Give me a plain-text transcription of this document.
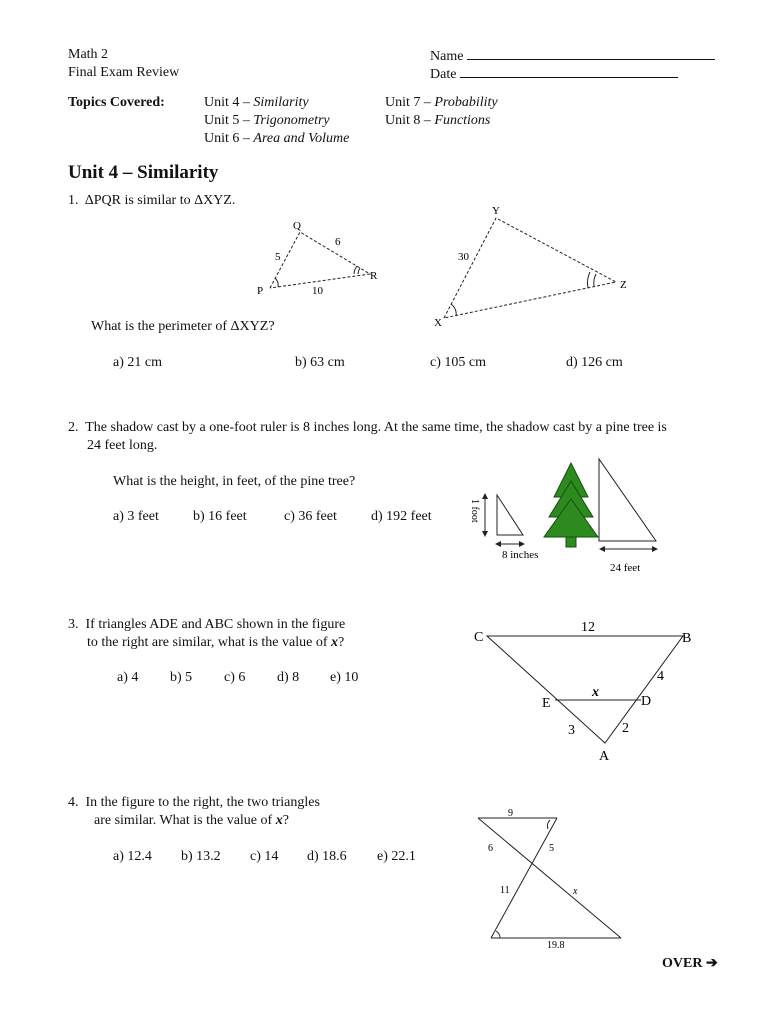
Math 2
Final Exam Review
Name
Date
Topics Covered:	Unit 4 – Similarity
Unit 5 – Trigonometry
Unit 6 – Area and Volume
Unit 7 – Probability
Unit 8 – Functions
Unit 4 – Similarity
1. ΔPQR is similar to ΔXYZ.
P
Q
R
5
6
10
X
Y
Z
30
What is the perimeter of ΔXYZ?
a) 21 cm	b) 63 cm	c) 105 cm	d) 126 cm
2. The shadow cast by a one-foot ruler is 8 inches long. At the same time, the shadow cast by a pine tree is
24 feet long.
What is the height, in feet, of the pine tree?
a) 3 feet b) 16 feet	c) 36 feet d) 192 feet	1 foot
8 inches
24 feet
3. If triangles ADE and ABC shown in the figure
to the right are similar, what is the value of x?
a) 4 b) 5 c) 6 d) 8 e) 10
C	B
E	D
A
12
4
x
3	2
4. In the figure to the right, the two triangles
are similar. What is the value of x?
a) 12.4 b) 13.2 c) 14 d) 18.6 e) 22.1
9
6	5
11	x
19.8
OVER ➔
